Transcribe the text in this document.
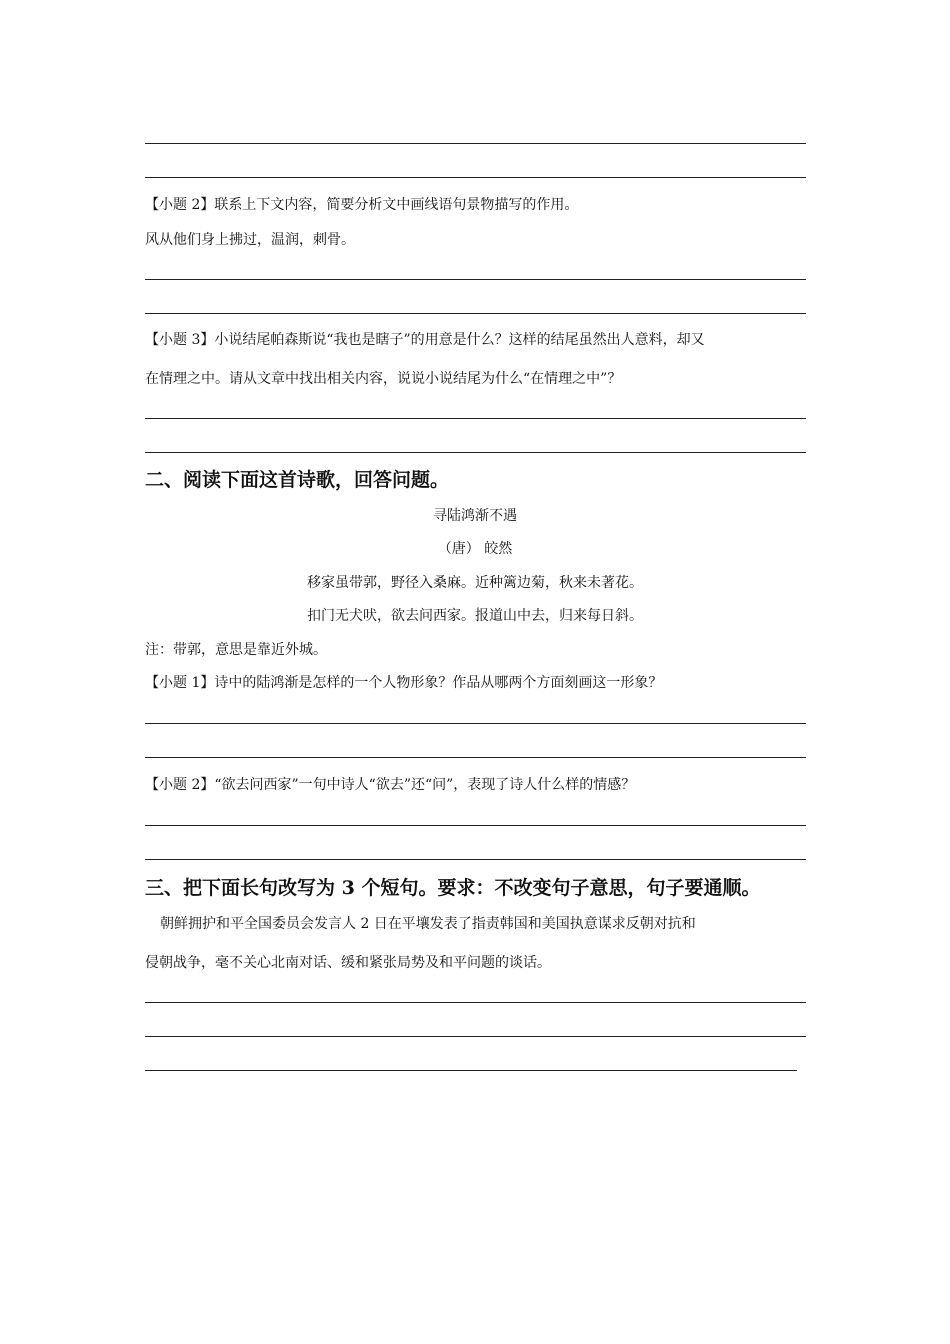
【小题 2】联系上下文内容，简要分析文中画线语句景物描写的作用。
风从他们身上拂过，温润，刺骨。
【小题 3】小说结尾帕森斯说“我也是瞎子”的用意是什么？这样的结尾虽然出人意料，却又
在情理之中。请从文章中找出相关内容，说说小说结尾为什么“在情理之中”？
二、阅读下面这首诗歌，回答问题。
寻陆鸿渐不遇
（唐） 皎然
移家虽带郭，野径入桑麻。近种篱边菊，秋来未著花。
扣门无犬吠，欲去问西家。报道山中去，归来每日斜。
注：带郭，意思是靠近外城。
【小题 1】诗中的陆鸿渐是怎样的一个人物形象？作品从哪两个方面刻画这一形象？
【小题 2】“欲去问西家”一句中诗人“欲去”还“问”，表现了诗人什么样的情感？
三、把下面长句改写为 3 个短句。要求：不改变句子意思，句子要通顺。
朝鲜拥护和平全国委员会发言人 2 日在平壤发表了指责韩国和美国执意谋求反朝对抗和
侵朝战争，毫不关心北南对话、缓和紧张局势及和平问题的谈话。
